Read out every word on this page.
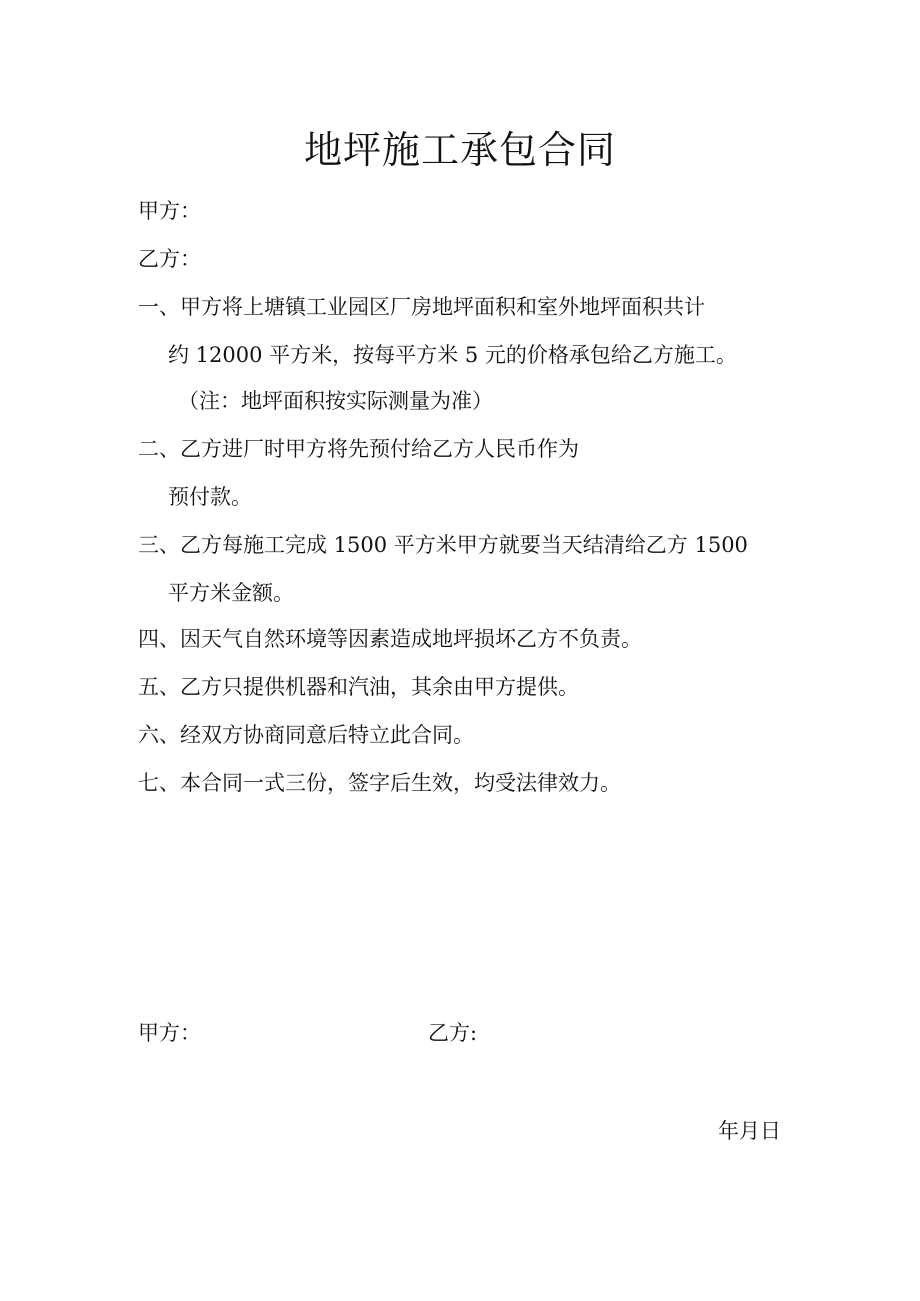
地坪施工承包合同
甲方：
乙方：
一、甲方将上塘镇工业园区厂房地坪面积和室外地坪面积共计
约 12000 平方米，按每平方米 5 元的价格承包给乙方施工。
（注：地坪面积按实际测量为准）
二、乙方进厂时甲方将先预付给乙方人民币作为
预付款。
三、乙方每施工完成 1500 平方米甲方就要当天结清给乙方 1500
平方米金额。
四、因天气自然环境等因素造成地坪损坏乙方不负责。
五、乙方只提供机器和汽油，其余由甲方提供。
六、经双方协商同意后特立此合同。
七、本合同一式三份，签字后生效，均受法律效力。
甲方：	乙方:
年月日
